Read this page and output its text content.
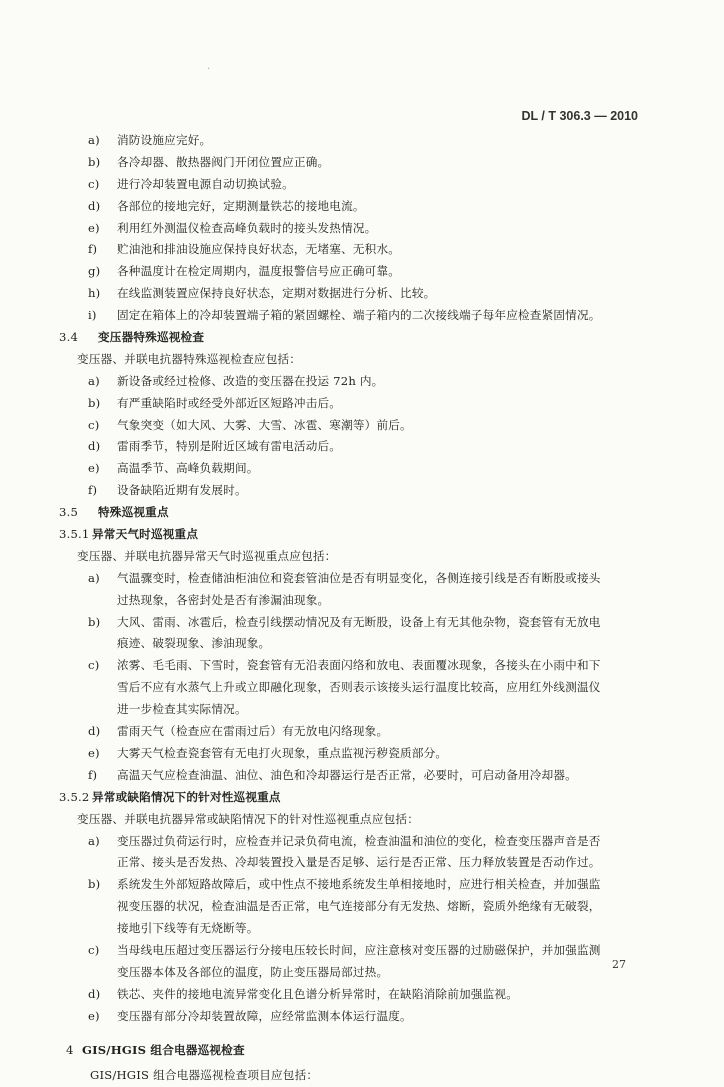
·
DL / T 306.3 — 2010
a) 消防设施应完好。
b) 各冷却器、散热器阀门开闭位置应正确。
c) 进行冷却装置电源自动切换试验。
d) 各部位的接地完好，定期测量铁芯的接地电流。
e) 利用红外测温仪检查高峰负载时的接头发热情况。
f) 贮油池和排油设施应保持良好状态，无堵塞、无积水。
g) 各种温度计在检定周期内，温度报警信号应正确可靠。
h) 在线监测装置应保持良好状态，定期对数据进行分析、比较。
i) 固定在箱体上的冷却装置端子箱的紧固螺栓、端子箱内的二次接线端子每年应检查紧固情况。
3.4 变压器特殊巡视检查
变压器、并联电抗器特殊巡视检查应包括：
a) 新设备或经过检修、改造的变压器在投运 72h 内。
b) 有严重缺陷时或经受外部近区短路冲击后。
c) 气象突变（如大风、大雾、大雪、冰雹、寒潮等）前后。
d) 雷雨季节，特别是附近区域有雷电活动后。
e) 高温季节、高峰负载期间。
f) 设备缺陷近期有发展时。
3.5 特殊巡视重点
3.5.1 异常天气时巡视重点
变压器、并联电抗器异常天气时巡视重点应包括：
a) 气温骤变时，检查储油柜油位和瓷套管油位是否有明显变化，各侧连接引线是否有断股或接头
过热现象，各密封处是否有渗漏油现象。
b) 大风、雷雨、冰雹后，检查引线摆动情况及有无断股，设备上有无其他杂物，瓷套管有无放电
痕迹、破裂现象、渗油现象。
c) 浓雾、毛毛雨、下雪时，瓷套管有无沿表面闪络和放电、表面覆冰现象，各接头在小雨中和下
雪后不应有水蒸气上升或立即融化现象，否则表示该接头运行温度比较高，应用红外线测温仪
进一步检查其实际情况。
d) 雷雨天气（检查应在雷雨过后）有无放电闪络现象。
e) 大雾天气检查瓷套管有无电打火现象，重点监视污秽瓷质部分。
f) 高温天气应检查油温、油位、油色和冷却器运行是否正常，必要时，可启动备用冷却器。
3.5.2 异常或缺陷情况下的针对性巡视重点
变压器、并联电抗器异常或缺陷情况下的针对性巡视重点应包括：
a) 变压器过负荷运行时，应检查并记录负荷电流，检查油温和油位的变化，检查变压器声音是否
正常、接头是否发热、冷却装置投入量是否足够、运行是否正常、压力释放装置是否动作过。
b) 系统发生外部短路故障后，或中性点不接地系统发生单相接地时，应进行相关检查，并加强监
视变压器的状况，检查油温是否正常，电气连接部分有无发热、熔断，瓷质外绝缘有无破裂，
接地引下线等有无烧断等。
c) 当母线电压超过变压器运行分接电压较长时间，应注意核对变压器的过励磁保护，并加强监测
变压器本体及各部位的温度，防止变压器局部过热。
d) 铁芯、夹件的接地电流异常变化且色谱分析异常时，在缺陷消除前加强监视。
e) 变压器有部分冷却装置故障，应经常监测本体运行温度。
4 GIS/HGIS 组合电器巡视检查
GIS/HGIS 组合电器巡视检查项目应包括：
27
